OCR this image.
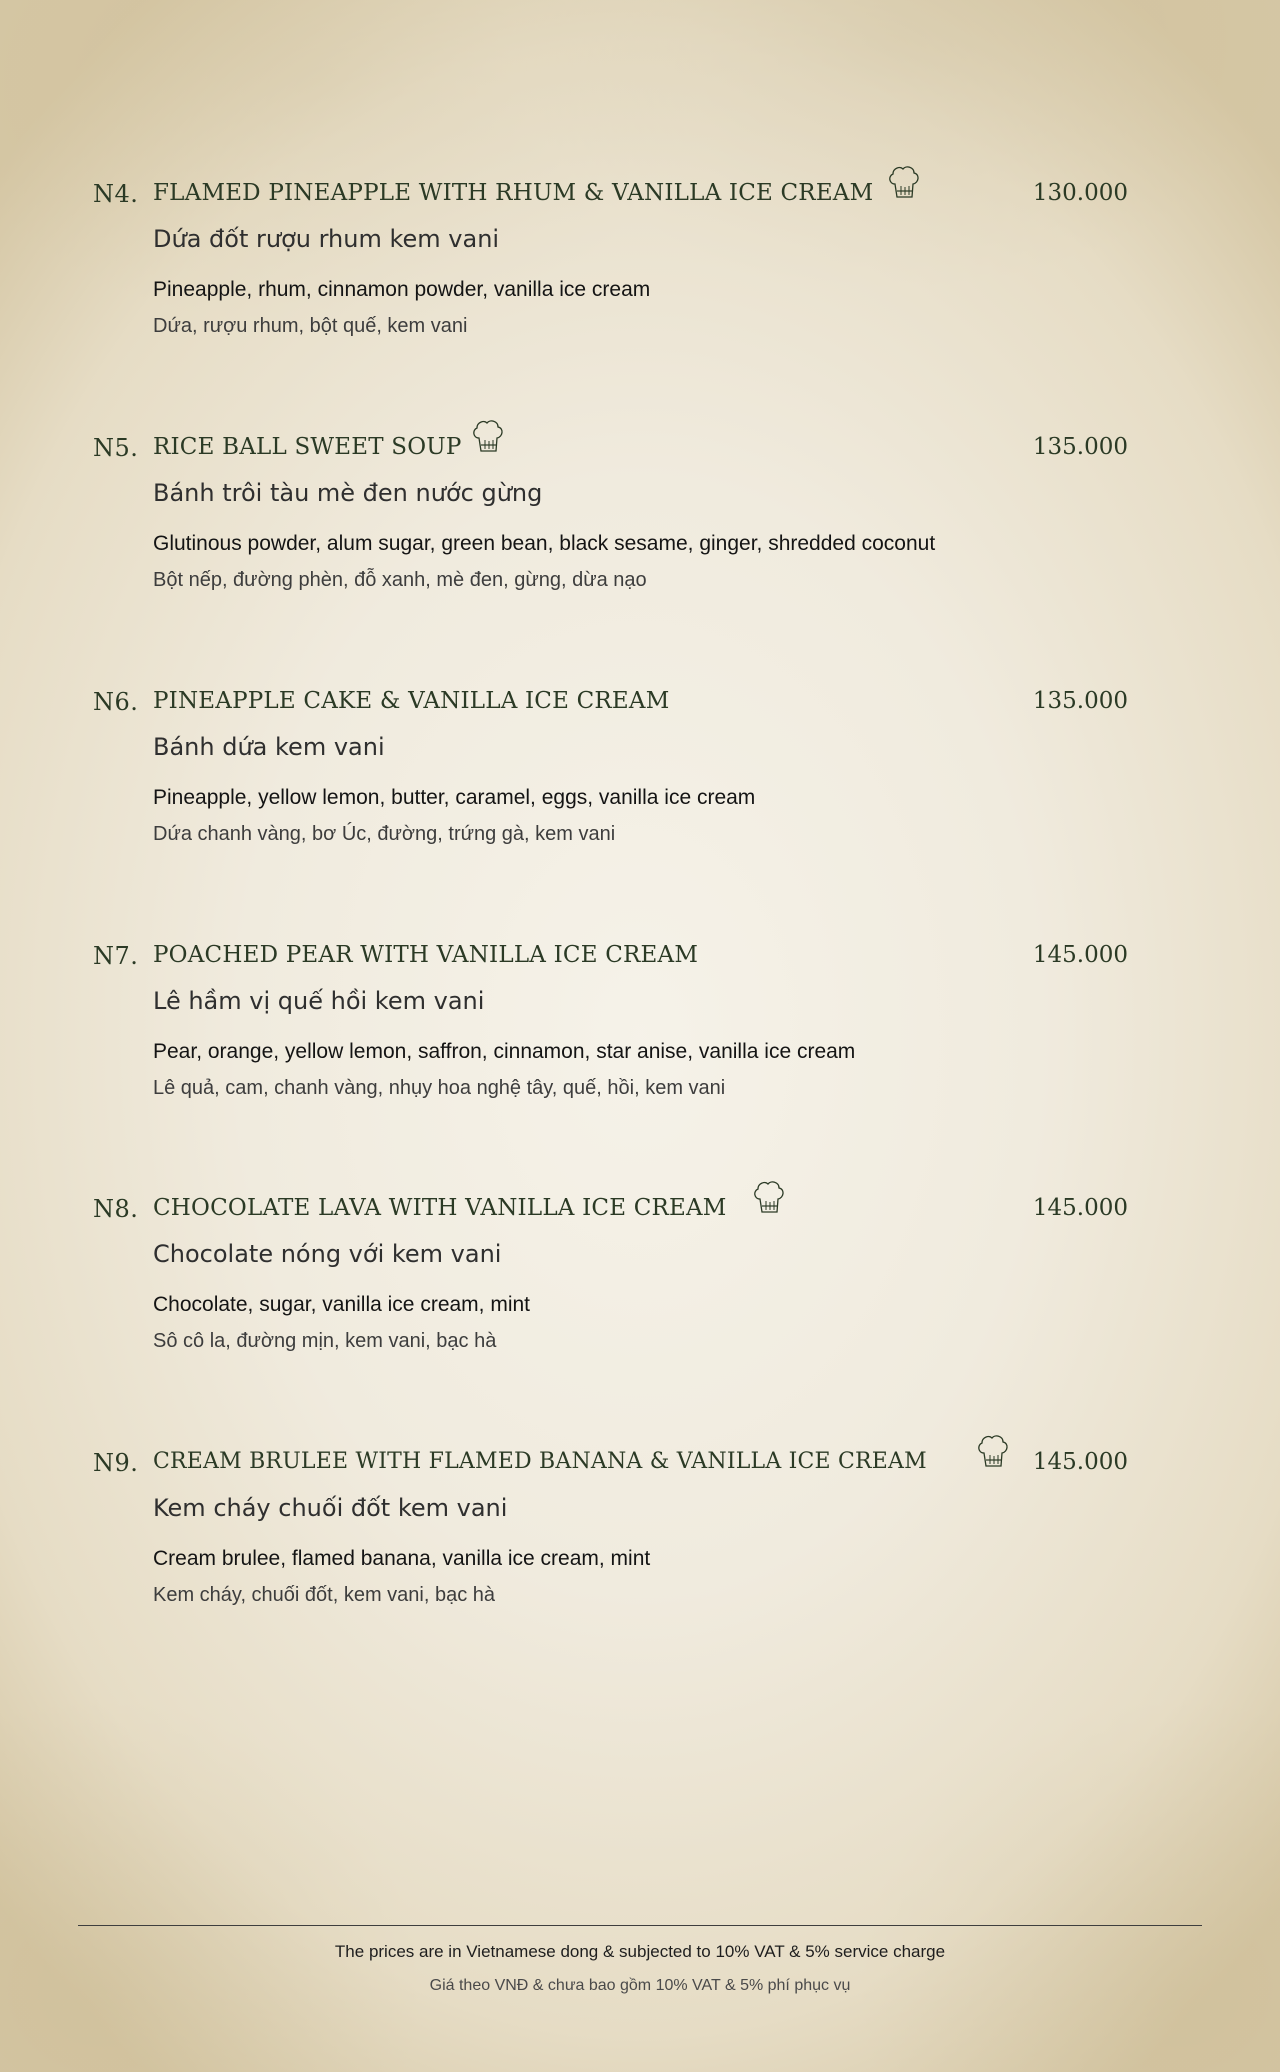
N4. FLAMED PINEAPPLE WITH RHUM & VANILLA ICE CREAM	130.000
Dứa đốt rượu rhum kem vani
Pineapple, rhum, cinnamon powder, vanilla ice cream
Dứa, rượu rhum, bột quế, kem vani
N5. RICE BALL SWEET SOUP	135.000
Bánh trôi tàu mè đen nước gừng
Glutinous powder, alum sugar, green bean, black sesame, ginger, shredded coconut
Bột nếp, đường phèn, đỗ xanh, mè đen, gừng, dừa nạo
N6. PINEAPPLE CAKE & VANILLA ICE CREAM	135.000
Bánh dứa kem vani
Pineapple, yellow lemon, butter, caramel, eggs, vanilla ice cream
Dứa chanh vàng, bơ Úc, đường, trứng gà, kem vani
N7. POACHED PEAR WITH VANILLA ICE CREAM	145.000
Lê hầm vị quế hồi kem vani
Pear, orange, yellow lemon, saffron, cinnamon, star anise, vanilla ice cream
Lê quả, cam, chanh vàng, nhụy hoa nghệ tây, quế, hồi, kem vani
N8. CHOCOLATE LAVA WITH VANILLA ICE CREAM	145.000
Chocolate nóng với kem vani
Chocolate, sugar, vanilla ice cream, mint
Sô cô la, đường mịn, kem vani, bạc hà
N9. CREAM BRULEE WITH FLAMED BANANA & VANILLA ICE CREAM	145.000
Kem cháy chuối đốt kem vani
Cream brulee, flamed banana, vanilla ice cream, mint
Kem cháy, chuối đốt, kem vani, bạc hà
The prices are in Vietnamese dong & subjected to 10% VAT & 5% service charge
Giá theo VNĐ & chưa bao gồm 10% VAT & 5% phí phục vụ
